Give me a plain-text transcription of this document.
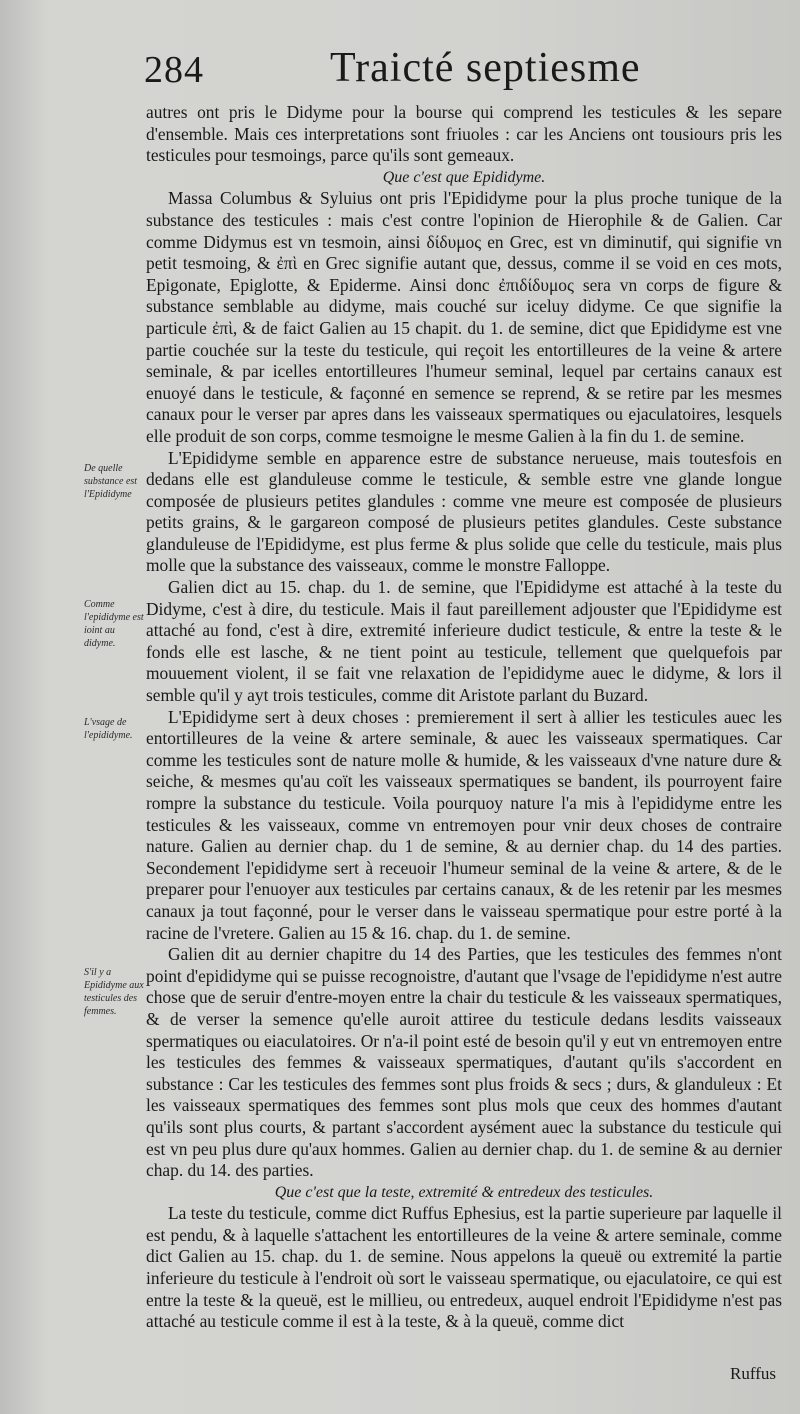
284	Traicté septiesme
De quelle substance est l'Epididyme
Comme l'epididyme est ioint au didyme.
L'vsage de l'epididyme.
S'il y a Epididyme aux testicules des femmes.

autres ont pris le Didyme pour la bourse qui comprend les testicules & les separe d'ensemble. Mais ces interpretations sont friuoles : car les Anciens ont tousiours pris les testicules pour tesmoings, parce qu'ils sont gemeaux.

Que c'est que Epididyme.

Massa Columbus & Syluius ont pris l'Epididyme pour la plus proche tunique de la substance des testicules : mais c'est contre l'opinion de Hierophile & de Galien. Car comme Didymus est vn tesmoin, ainsi δίδυμος en Grec, est vn diminutif, qui signifie vn petit tesmoing, & ἐπὶ en Grec signifie autant que, dessus, comme il se void en ces mots, Epigonate, Epiglotte, & Epiderme. Ainsi donc ἐπιδίδυμος sera vn corps de figure & substance semblable au didyme, mais couché sur iceluy didyme. Ce que signifie la particule ἐπὶ, & de faict Galien au 15 chapit. du 1. de semine, dict que Epididyme est vne partie couchée sur la teste du testicule, qui reçoit les entortilleures de la veine & artere seminale, & par icelles entortilleures l'humeur seminal, lequel par certains canaux est enuoyé dans le testicule, & façonné en semence se reprend, & se retire par les mesmes canaux pour le verser par apres dans les vaisseaux spermatiques ou ejaculatoires, lesquels elle produit de son corps, comme tesmoigne le mesme Galien à la fin du 1. de semine.

L'Epididyme semble en apparence estre de substance nerueuse, mais toutesfois en dedans elle est glanduleuse comme le testicule, & semble estre vne glande longue composée de plusieurs petites glandules : comme vne meure est composée de plusieurs petits grains, & le gargareon composé de plusieurs petites glandules. Ceste substance glanduleuse de l'Epididyme, est plus ferme & plus solide que celle du testicule, mais plus molle que la substance des vaisseaux, comme le monstre Falloppe.

Galien dict au 15. chap. du 1. de semine, que l'Epididyme est attaché à la teste du Didyme, c'est à dire, du testicule. Mais il faut pareillement adjouster que l'Epididyme est attaché au fond, c'est à dire, extremité inferieure dudict testicule, & entre la teste & le fonds elle est lasche, & ne tient point au testicule, tellement que quelquefois par mouuement violent, il se fait vne relaxation de l'epididyme auec le didyme, & lors il semble qu'il y ayt trois testicules, comme dit Aristote parlant du Buzard.

L'Epididyme sert à deux choses : premierement il sert à allier les testicules auec les entortilleures de la veine & artere seminale, & auec les vaisseaux spermatiques. Car comme les testicules sont de nature molle & humide, & les vaisseaux d'vne nature dure & seiche, & mesmes qu'au coït les vaisseaux spermatiques se bandent, ils pourroyent faire rompre la substance du testicule. Voila pourquoy nature l'a mis à l'epididyme entre les testicules & les vaisseaux, comme vn entremoyen pour vnir deux choses de contraire nature. Galien au dernier chap. du 1 de semine, & au dernier chap. du 14 des parties. Secondement l'epididyme sert à receuoir l'humeur seminal de la veine & artere, & de le preparer pour l'enuoyer aux testicules par certains canaux, & de les retenir par les mesmes canaux ja tout façonné, pour le verser dans le vaisseau spermatique pour estre porté à la racine de l'vretere. Galien au 15 & 16. chap. du 1. de semine.

Galien dit au dernier chapitre du 14 des Parties, que les testicules des femmes n'ont point d'epididyme qui se puisse recognoistre, d'autant que l'vsage de l'epididyme n'est autre chose que de seruir d'entre-moyen entre la chair du testicule & les vaisseaux spermatiques, & de verser la semence qu'elle auroit attiree du testicule dedans lesdits vaisseaux spermatiques ou eiaculatoires. Or n'a-il point esté de besoin qu'il y eut vn entremoyen entre les testicules des femmes & vaisseaux spermatiques, d'autant qu'ils s'accordent en substance : Car les testicules des femmes sont plus froids & secs ; durs, & glanduleux : Et les vaisseaux spermatiques des femmes sont plus mols que ceux des hommes d'autant qu'ils sont plus courts, & partant s'accordent aysément auec la substance du testicule qui est vn peu plus dure qu'aux hommes. Galien au dernier chap. du 1. de semine & au dernier chap. du 14. des parties.

Que c'est que la teste, extremité & entredeux des testicules.

La teste du testicule, comme dict Ruffus Ephesius, est la partie superieure par laquelle il est pendu, & à laquelle s'attachent les entortilleures de la veine & artere seminale, comme dict Galien au 15. chap. du 1. de semine. Nous appelons la queuë ou extremité la partie inferieure du testicule à l'endroit où sort le vaisseau spermatique, ou ejaculatoire, ce qui est entre la teste & la queuë, est le millieu, ou entredeux, auquel endroit l'Epididyme n'est pas attaché au testicule comme il est à la teste, & à la queuë, comme dict

Ruffus
